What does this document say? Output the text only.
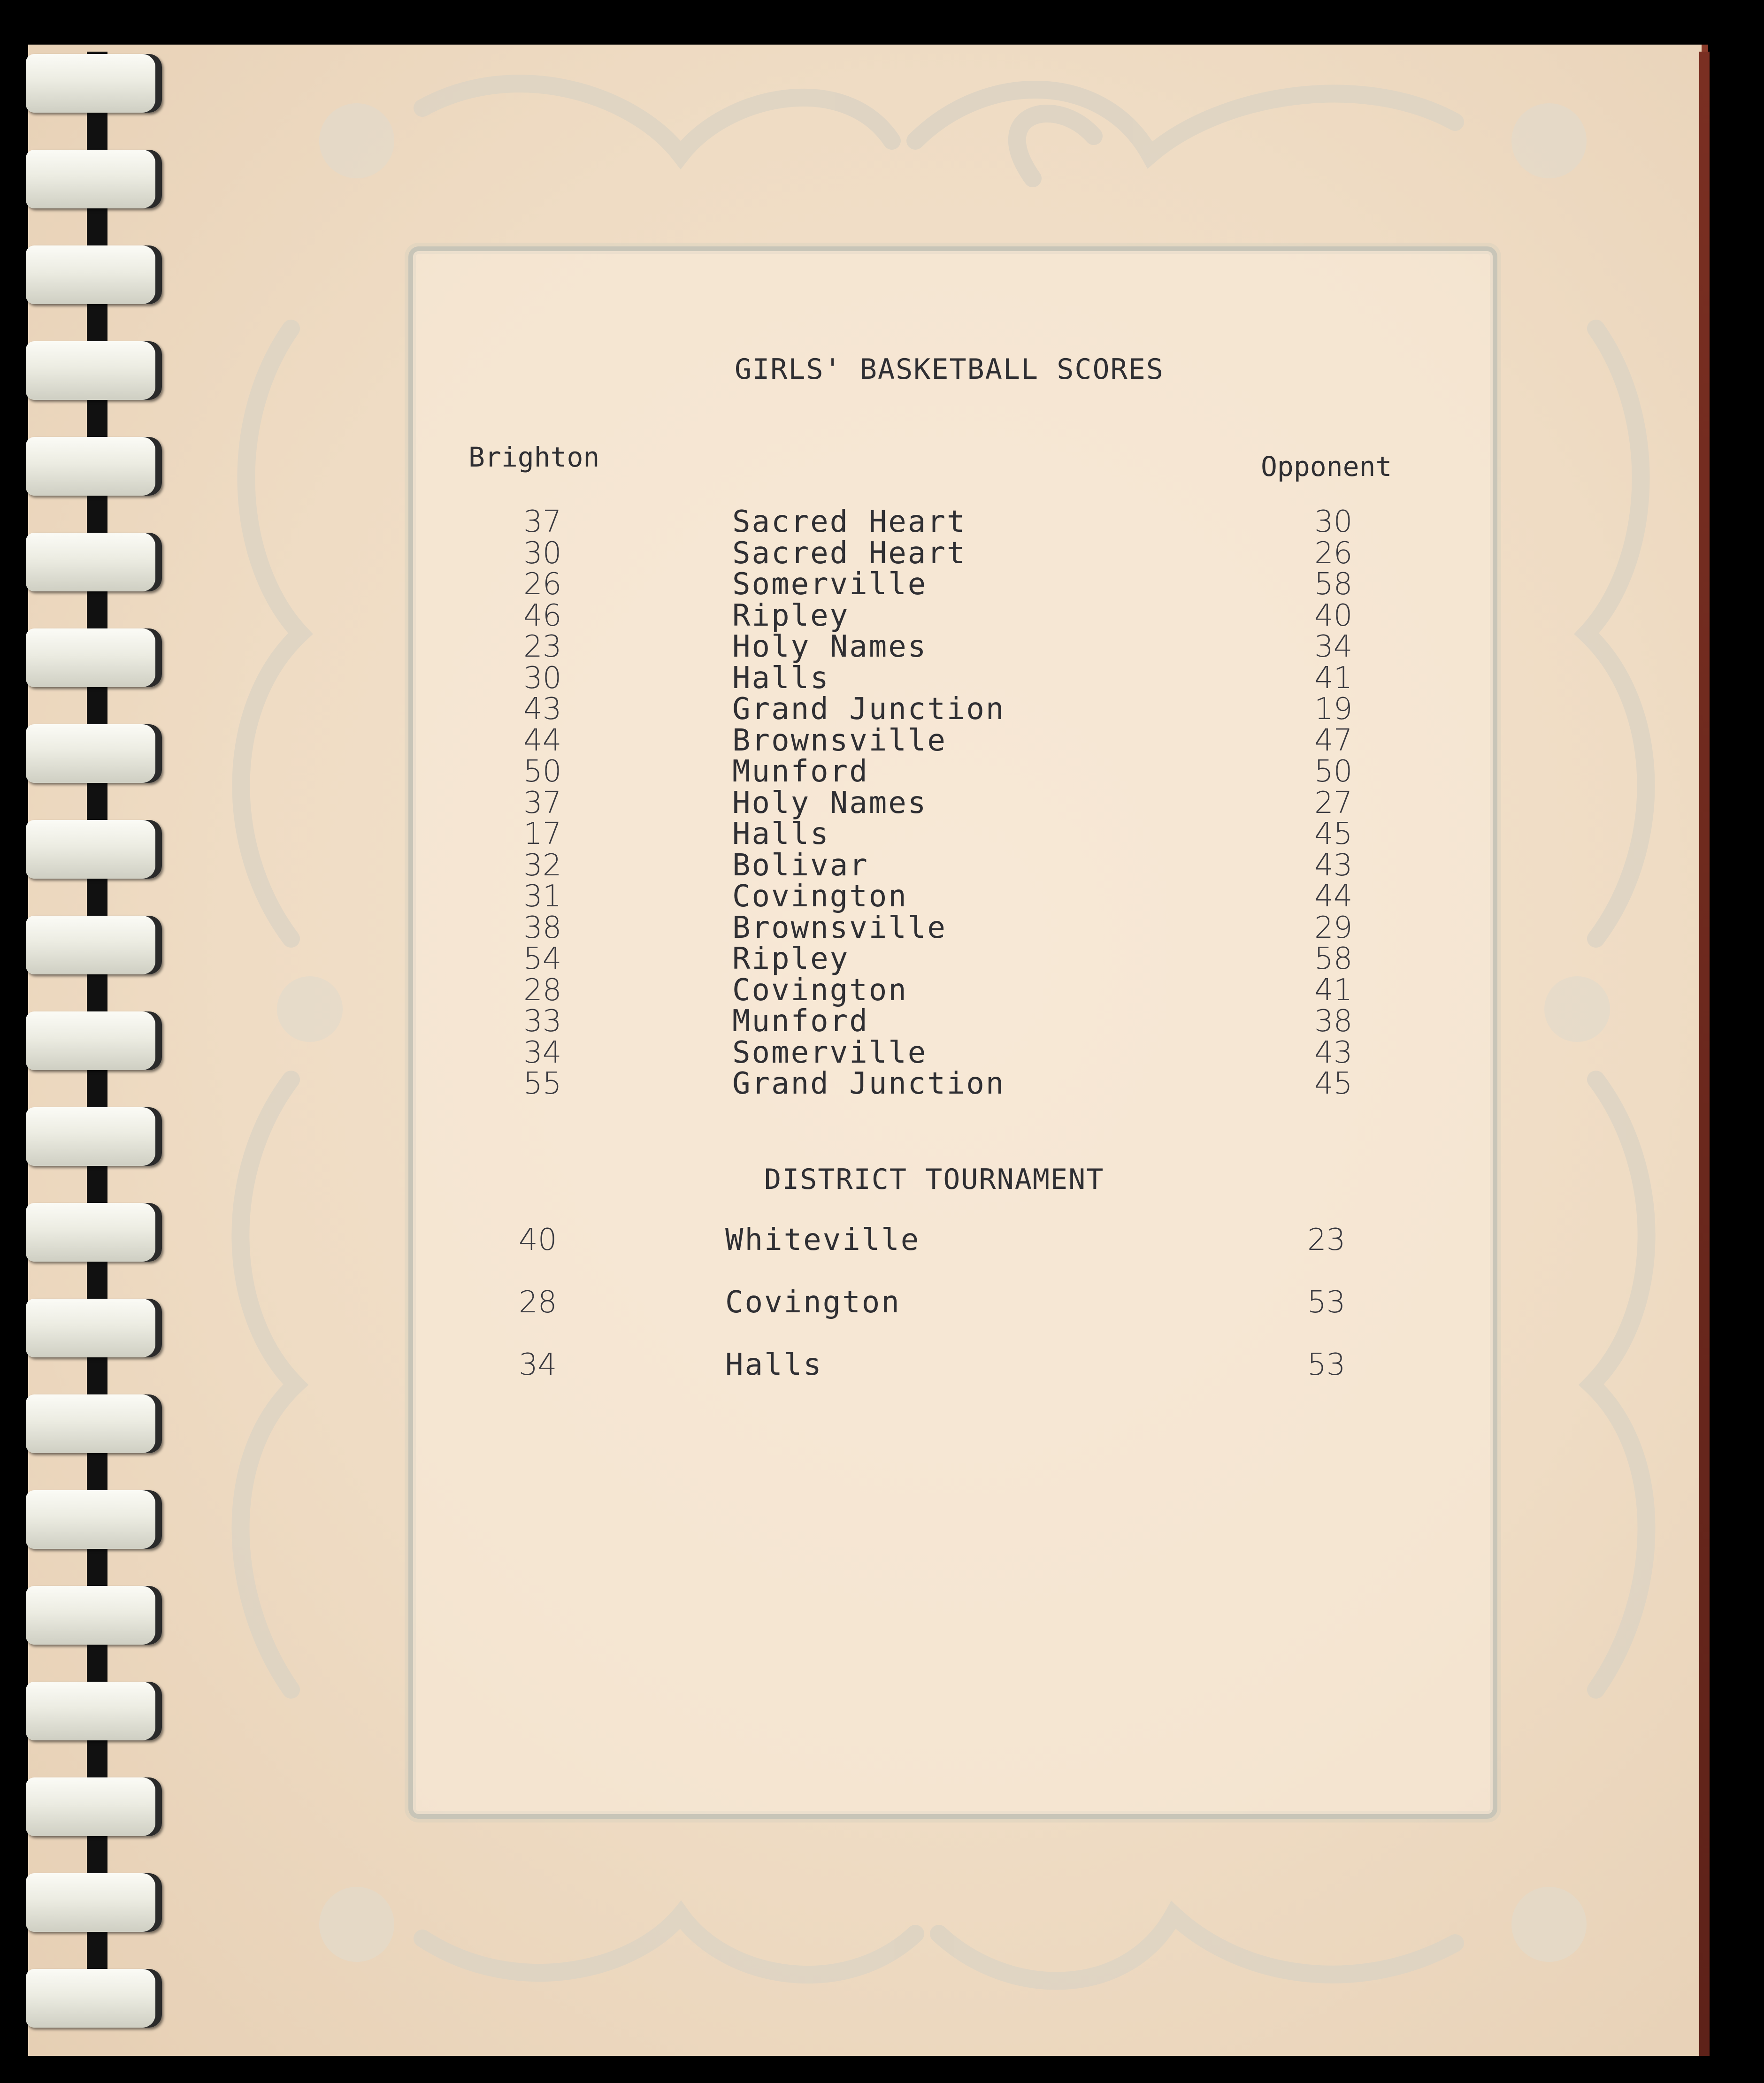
GIRLS' BASKETBALL SCORES
Brighton	Opponent
37	Sacred Heart	30
30	Sacred Heart	26
26	Somerville	58
46	Ripley	40
23	Holy Names	34
30	Halls	41
43	Grand Junction	19
44	Brownsville	47
50	Munford	50
37	Holy Names	27
17	Halls	45
32	Bolivar	43
31	Covington	44
38	Brownsville	29
54	Ripley	58
28	Covington	41
33	Munford	38
34	Somerville	43
55	Grand Junction	45
DISTRICT TOURNAMENT
40	Whiteville	23
28	Covington	53
34	Halls	53
